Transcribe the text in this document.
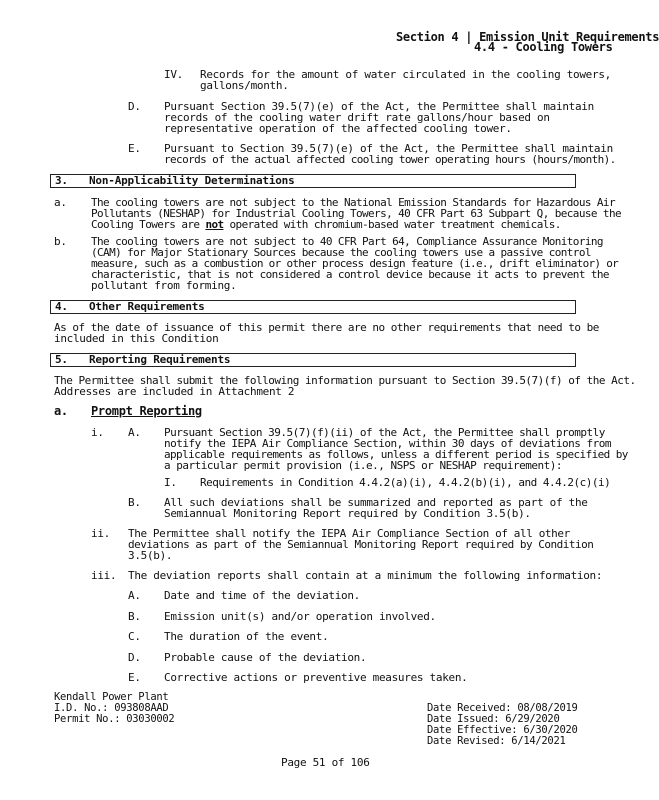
Section 4 | Emission Unit Requirements
4.4 - Cooling Towers
IV. Records for the amount of water circulated in the cooling towers,
gallons/month.
D. Pursuant Section 39.5(7)(e) of the Act, the Permittee shall maintain
records of the cooling water drift rate gallons/hour based on
representative operation of the affected cooling tower.
E. Pursuant to Section 39.5(7)(e) of the Act, the Permittee shall maintain
records of the actual affected cooling tower operating hours (hours/month).
3. Non-Applicability Determinations
a. The cooling towers are not subject to the National Emission Standards for Hazardous Air
Pollutants (NESHAP) for Industrial Cooling Towers, 40 CFR Part 63 Subpart Q, because the
Cooling Towers are not operated with chromium-based water treatment chemicals.
b. The cooling towers are not subject to 40 CFR Part 64, Compliance Assurance Monitoring
(CAM) for Major Stationary Sources because the cooling towers use a passive control
measure, such as a combustion or other process design feature (i.e., drift eliminator) or
characteristic, that is not considered a control device because it acts to prevent the
pollutant from forming.
4. Other Requirements
As of the date of issuance of this permit there are no other requirements that need to be
included in this Condition
5. Reporting Requirements
The Permittee shall submit the following information pursuant to Section 39.5(7)(f) of the Act.
Addresses are included in Attachment 2
a. Prompt Reporting
i. A. Pursuant Section 39.5(7)(f)(ii) of the Act, the Permittee shall promptly
notify the IEPA Air Compliance Section, within 30 days of deviations from
applicable requirements as follows, unless a different period is specified by
a particular permit provision (i.e., NSPS or NESHAP requirement):
I. Requirements in Condition 4.4.2(a)(i), 4.4.2(b)(i), and 4.4.2(c)(i)
B. All such deviations shall be summarized and reported as part of the
Semiannual Monitoring Report required by Condition 3.5(b).
ii. The Permittee shall notify the IEPA Air Compliance Section of all other
deviations as part of the Semiannual Monitoring Report required by Condition
3.5(b).
iii. The deviation reports shall contain at a minimum the following information:
A. Date and time of the deviation.
B. Emission unit(s) and/or operation involved.
C. The duration of the event.
D. Probable cause of the deviation.
E. Corrective actions or preventive measures taken.
Kendall Power Plant
I.D. No.: 093808AAD
Permit No.: 03030002
Date Received: 08/08/2019
Date Issued: 6/29/2020
Date Effective: 6/30/2020
Date Revised: 6/14/2021
Page 51 of 106
